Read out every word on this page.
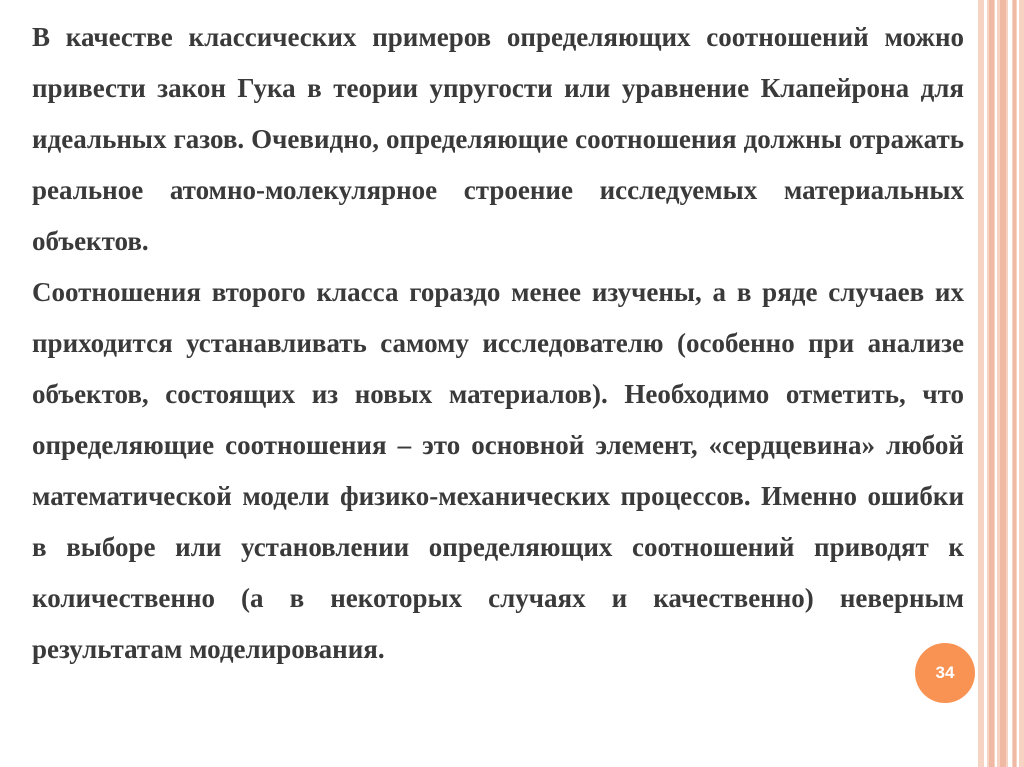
В качестве классических примеров определяющих соотношений можно привести закон Гука в теории упругости или уравнение Клапейрона для идеальных газов. Очевидно, определяющие соотношения должны отражать реальное атомно-молекулярное строение исследуемых материальных объектов.

Соотношения второго класса гораздо менее изучены, а в ряде случаев их приходится устанавливать самому исследователю (особенно при анализе объектов, состоящих из новых материалов). Необходимо отметить, что определяющие соотношения – это основной элемент, «сердцевина» любой математической модели физико-механических процессов. Именно ошибки в выборе или установлении определяющих соотношений приводят к количественно (а в некоторых случаях и качественно) неверным результатам моделирования.

34
